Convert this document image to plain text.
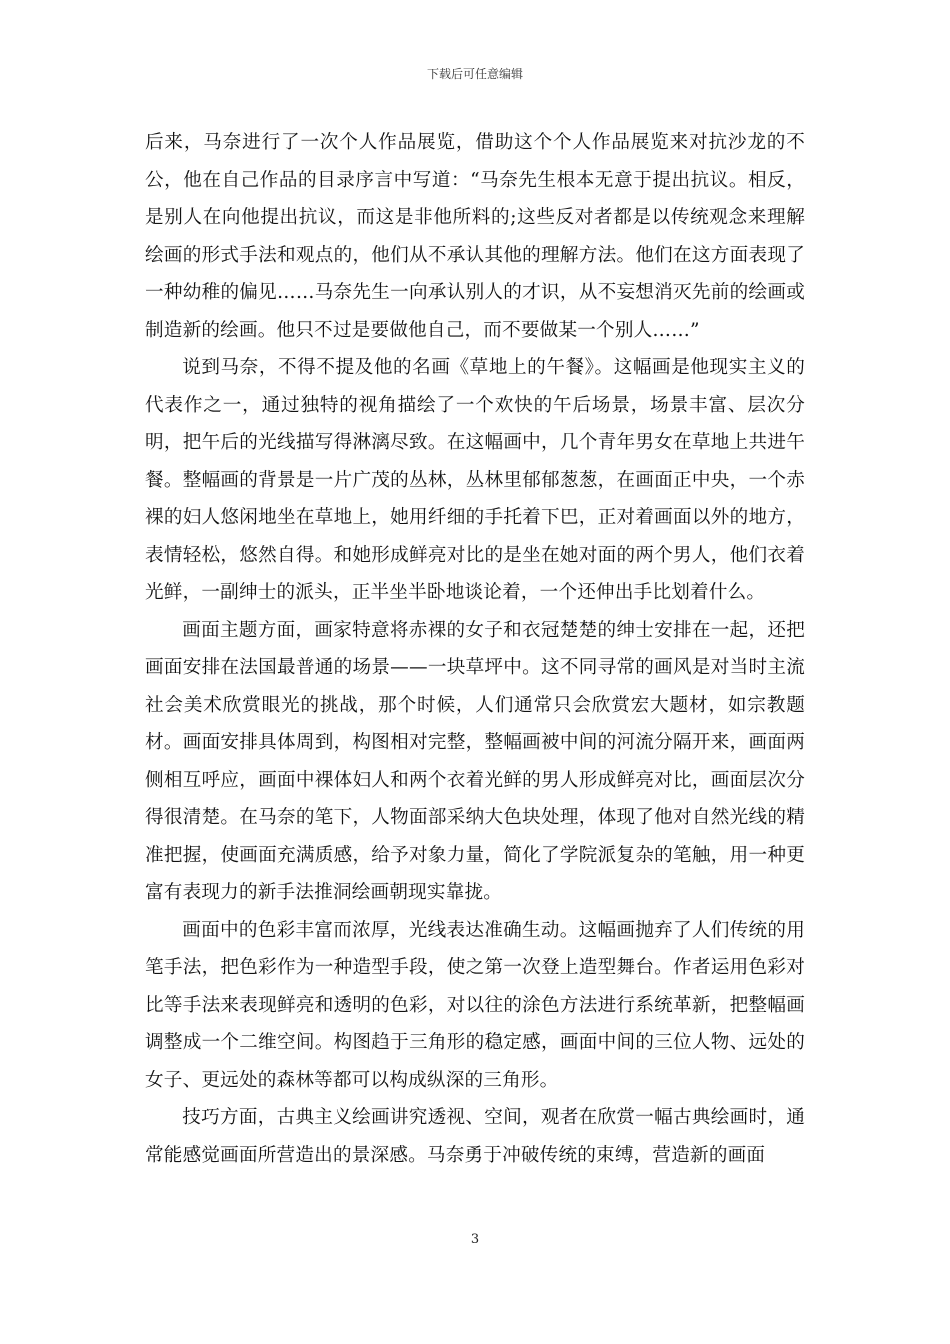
下载后可任意编辑

后来，马奈进行了一次个人作品展览，借助这个个人作品展览来对抗沙龙的不公，他在自己作品的目录序言中写道：“马奈先生根本无意于提出抗议。相反，是别人在向他提出抗议，而这是非他所料的;这些反对者都是以传统观念来理解绘画的形式手法和观点的，他们从不承认其他的理解方法。他们在这方面表现了一种幼稚的偏见……马奈先生一向承认别人的才识，从不妄想消灭先前的绘画或制造新的绘画。他只不过是要做他自己，而不要做某一个别人……”

说到马奈，不得不提及他的名画《草地上的午餐》。这幅画是他现实主义的代表作之一，通过独特的视角描绘了一个欢快的午后场景，场景丰富、层次分明，把午后的光线描写得淋漓尽致。在这幅画中，几个青年男女在草地上共进午餐。整幅画的背景是一片广茂的丛林，丛林里郁郁葱葱，在画面正中央，一个赤裸的妇人悠闲地坐在草地上，她用纤细的手托着下巴，正对着画面以外的地方，表情轻松，悠然自得。和她形成鲜亮对比的是坐在她对面的两个男人，他们衣着光鲜，一副绅士的派头，正半坐半卧地谈论着，一个还伸出手比划着什么。

画面主题方面，画家特意将赤裸的女子和衣冠楚楚的绅士安排在一起，还把画面安排在法国最普通的场景——一块草坪中。这不同寻常的画风是对当时主流社会美术欣赏眼光的挑战，那个时候，人们通常只会欣赏宏大题材，如宗教题材。画面安排具体周到，构图相对完整，整幅画被中间的河流分隔开来，画面两侧相互呼应，画面中裸体妇人和两个衣着光鲜的男人形成鲜亮对比，画面层次分得很清楚。在马奈的笔下，人物面部采纳大色块处理，体现了他对自然光线的精准把握，使画面充满质感，给予对象力量，简化了学院派复杂的笔触，用一种更富有表现力的新手法推洞绘画朝现实靠拢。

画面中的色彩丰富而浓厚，光线表达准确生动。这幅画抛弃了人们传统的用笔手法，把色彩作为一种造型手段，使之第一次登上造型舞台。作者运用色彩对比等手法来表现鲜亮和透明的色彩，对以往的涂色方法进行系统革新，把整幅画调整成一个二维空间。构图趋于三角形的稳定感，画面中间的三位人物、远处的女子、更远处的森林等都可以构成纵深的三角形。

技巧方面，古典主义绘画讲究透视、空间，观者在欣赏一幅古典绘画时，通常能感觉画面所营造出的景深感。马奈勇于冲破传统的束缚，营造新的画面

3
